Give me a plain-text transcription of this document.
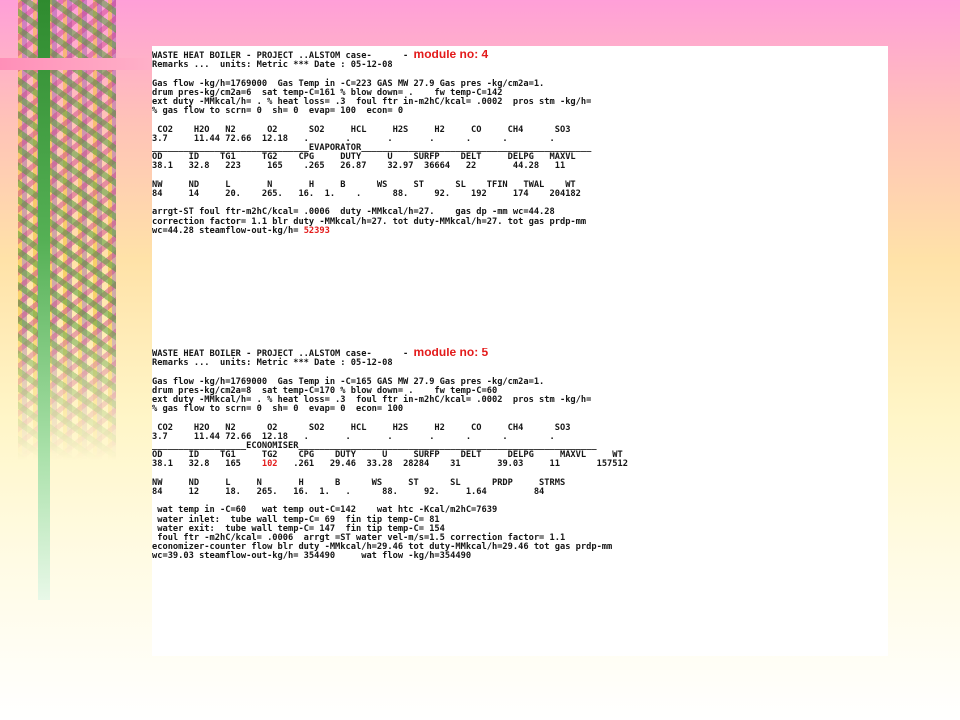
WASTE HEAT BOILER - PROJECT ..ALSTOM case-      - module no: 4
Remarks ...  units: Metric *** Date : 05-12-08

Gas flow -kg/h=1769000  Gas Temp in -C=223 GAS MW 27.9 Gas pres -kg/cm2a=1.
drum pres-kg/cm2a=6  sat temp-C=161 % blow down= .    fw temp-C=142
ext duty -MMkcal/h= . % heat loss= .3  foul ftr in-m2hC/kcal= .0002  pros stm -kg/h=
% gas flow to scrn= 0  sh= 0  evap= 100  econ= 0

CO2    H2O   N2      O2      SO2     HCL     H2S     H2     CO     CH4      SO3
3.7     11.44 72.66  12.18   .       .       .       .      .      .        .
______________________________EVAPORATOR____________________________________________
OD     ID    TG1     TG2    CPG     DUTY     U    SURFP    DELT     DELPG   MAXVL
38.1   32.8   223     165    .265   26.87    32.97  36664   22       44.28   11

NW     ND     L       N       H     B      WS     ST      SL    TFIN   TWAL    WT
84     14     20.    265.   16.  1.    .      88.     92.    192     174    204182

arrgt-ST foul ftr-m2hC/kcal= .0006  duty -MMkcal/h=27.    gas dp -mm wc=44.28
correction factor= 1.1 blr duty -MMkcal/h=27. tot duty-MMkcal/h=27. tot gas prdp-mm
wc=44.28 steamflow-out-kg/h= 52393
WASTE HEAT BOILER - PROJECT ..ALSTOM case-      - module no: 5
Remarks ...  units: Metric *** Date : 05-12-08

Gas flow -kg/h=1769000  Gas Temp in -C=165 GAS MW 27.9 Gas pres -kg/cm2a=1.
drum pres-kg/cm2a=8  sat temp-C=170 % blow down= .    fw temp-C=60
ext duty -MMkcal/h= . % heat loss= .3  foul ftr in-m2hC/kcal= .0002  pros stm -kg/h=
% gas flow to scrn= 0  sh= 0  evap= 0  econ= 100

CO2    H2O   N2      O2      SO2     HCL     H2S     H2     CO     CH4      SO3
3.7     11.44 72.66  12.18   .       .       .       .      .      .        .
__________________ECONOMISER_________________________________________________________
OD     ID    TG1     TG2    CPG    DUTY     U     SURFP    DELT     DELPG     MAXVL     WT
38.1   32.8   165    102   .261   29.46  33.28  28284    31       39.03     11       157512

NW     ND     L     N       H      B      WS     ST      SL      PRDP     STRMS
84     12     18.   265.   16.  1.   .      88.     92.     1.64         84

wat temp in -C=60   wat temp out-C=142    wat htc -Kcal/m2hC=7639
water inlet:  tube wall temp-C= 69  fin tip temp-C= 81
water exit:  tube wall temp-C= 147  fin tip temp-C= 154
foul ftr -m2hC/kcal= .0006  arrgt =ST water vel-m/s=1.5 correction factor= 1.1
economizer-counter flow blr duty -MMkcal/h=29.46 tot duty-MMkcal/h=29.46 tot gas prdp-mm
wc=39.03 steamflow-out-kg/h= 354490     wat flow -kg/h=354490
